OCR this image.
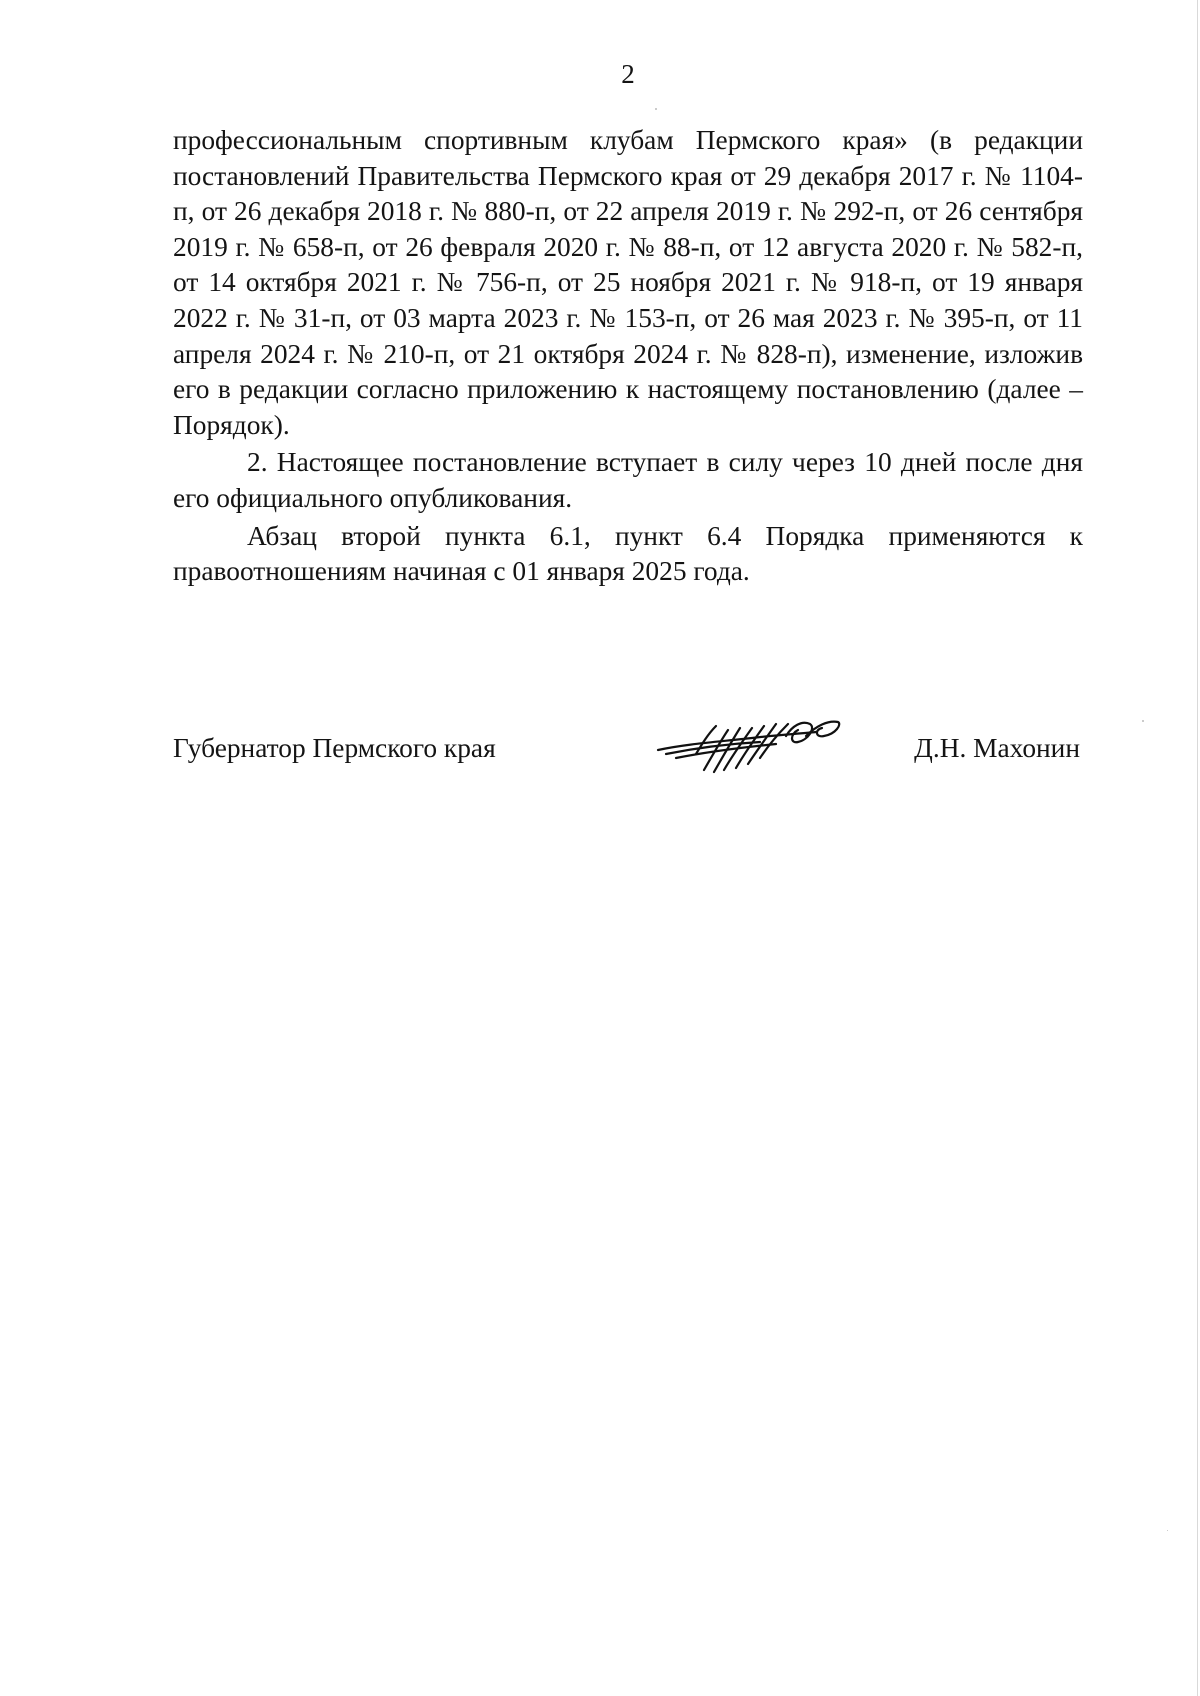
2

профессиональным спортивным клубам Пермского края» (в редакции постановлений Правительства Пермского края от 29 декабря 2017 г. № 1104-п, от 26 декабря 2018 г. № 880-п, от 22 апреля 2019 г. № 292-п, от 26 сентября 2019 г. № 658-п, от 26 февраля 2020 г. № 88-п, от 12 августа 2020 г. № 582-п, от 14 октября 2021 г. № 756-п, от 25 ноября 2021 г. № 918-п, от 19 января 2022 г. № 31-п, от 03 марта 2023 г. № 153-п, от 26 мая 2023 г. № 395-п, от 11 апреля 2024 г. № 210-п, от 21 октября 2024 г. № 828-п), изменение, изложив его в редакции согласно приложению к настоящему постановлению (далее – Порядок).

2. Настоящее постановление вступает в силу через 10 дней после дня его официального опубликования.

Абзац второй пункта 6.1, пункт 6.4 Порядка применяются к правоотношениям начиная с 01 января 2025 года.

Губернатор Пермского края	Д.Н. Махонин
